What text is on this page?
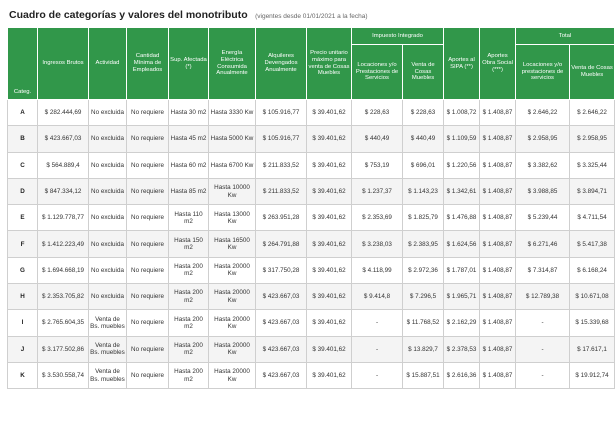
Cuadro de categorías y valores del monotributo (vigentes desde 01/01/2021 a la fecha)
Categ.	Ingresos Brutos	Actividad	Cantidad Mínima de Empleados	Sup. Afectada (*)	Energía Eléctrica Consumida Anualmente	Alquileres Devengados Anualmente	Precio unitario máximo para venta de Cosas Muebles	Impuesto Integrado		Aportes al SIPA (**)	Aportes Obra Social (***)	Total	
								Locaciones y/o Prestaciones de Servicios	Venta de Cosas Muebles			Locaciones y/o prestaciones de servicios	Venta de Cosas Muebles
A	$ 282.444,69	No excluida	No requiere	Hasta 30 m2	Hasta 3330 Kw	$ 105.916,77	$ 39.401,62	$ 228,63	$ 228,63	$ 1.008,72	$ 1.408,87	$ 2.646,22	$ 2.646,22
B	$ 423.667,03	No excluida	No requiere	Hasta 45 m2	Hasta 5000 Kw	$ 105.916,77	$ 39.401,62	$ 440,49	$ 440,49	$ 1.109,59	$ 1.408,87	$ 2.958,95	$ 2.958,95
C	$ 564.889,4	No excluida	No requiere	Hasta 60 m2	Hasta 6700 Kw	$ 211.833,52	$ 39.401,62	$ 753,19	$ 696,01	$ 1.220,56	$ 1.408,87	$ 3.382,62	$ 3.325,44
D	$ 847.334,12	No excluida	No requiere	Hasta 85 m2	Hasta 10000 Kw	$ 211.833,52	$ 39.401,62	$ 1.237,37	$ 1.143,23	$ 1.342,61	$ 1.408,87	$ 3.988,85	$ 3.894,71
E	$ 1.129.778,77	No excluida	No requiere	Hasta 110 m2	Hasta 13000 Kw	$ 263.951,28	$ 39.401,62	$ 2.353,69	$ 1.825,79	$ 1.476,88	$ 1.408,87	$ 5.239,44	$ 4.711,54
F	$ 1.412.223,49	No excluida	No requiere	Hasta 150 m2	Hasta 16500 Kw	$ 264.791,88	$ 39.401,62	$ 3.238,03	$ 2.383,95	$ 1.624,56	$ 1.408,87	$ 6.271,46	$ 5.417,38
G	$ 1.694.668,19	No excluida	No requiere	Hasta 200 m2	Hasta 20000 Kw	$ 317.750,28	$ 39.401,62	$ 4.118,99	$ 2.972,36	$ 1.787,01	$ 1.408,87	$ 7.314,87	$ 6.168,24
H	$ 2.353.705,82	No excluida	No requiere	Hasta 200 m2	Hasta 20000 Kw	$ 423.667,03	$ 39.401,62	$ 9.414,8	$ 7.296,5	$ 1.965,71	$ 1.408,87	$ 12.789,38	$ 10.671,08
I	$ 2.765.604,35	Venta de Bs. muebles	No requiere	Hasta 200 m2	Hasta 20000 Kw	$ 423.667,03	$ 39.401,62	-	$ 11.768,52	$ 2.162,29	$ 1.408,87	-	$ 15.339,68
J	$ 3.177.502,86	Venta de Bs. muebles	No requiere	Hasta 200 m2	Hasta 20000 Kw	$ 423.667,03	$ 39.401,62	-	$ 13.829,7	$ 2.378,53	$ 1.408,87	-	$ 17.617,1
K	$ 3.530.558,74	Venta de Bs. muebles	No requiere	Hasta 200 m2	Hasta 20000 Kw	$ 423.667,03	$ 39.401,62	-	$ 15.887,51	$ 2.616,36	$ 1.408,87	-	$ 19.912,74
